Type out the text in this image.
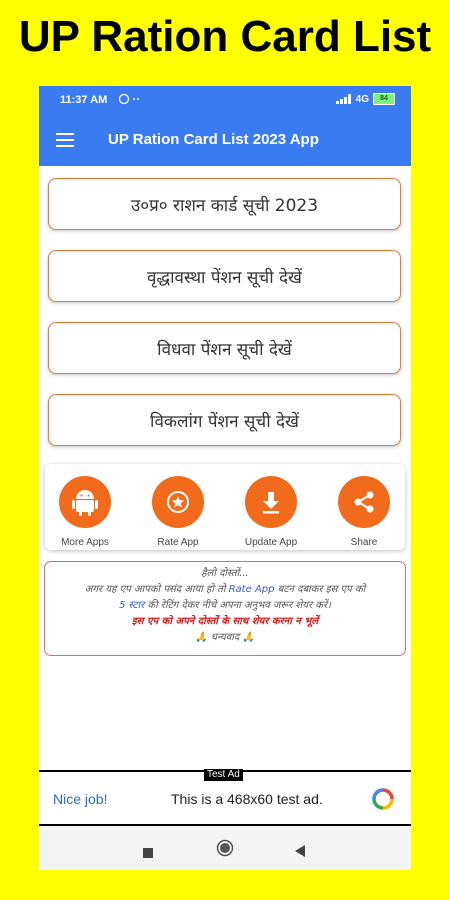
UP Ration Card List
11:37 AM	4G	84
UP Ration Card List 2023 App
उ०प्र० राशन कार्ड सूची 2023
वृद्धावस्था पेंशन सूची देखें
विधवा पेंशन सूची देखें
विकलांग पेंशन सूची देखें
More Apps	Rate App	Update App	Share
हैलो दोस्तों...
अगर यह एप आपको पसंद आया हो तो Rate App बटन दबाकर इस एप को
5 स्टार की रेटिंग देकर नीचे अपना अनुभव जरूर शेयर करें।
इस एप को अपने दोस्तों के साथ शेयर करना न भूलें
🙏 धन्यवाद 🙏
Test Ad
Nice job!	This is a 468x60 test ad.
